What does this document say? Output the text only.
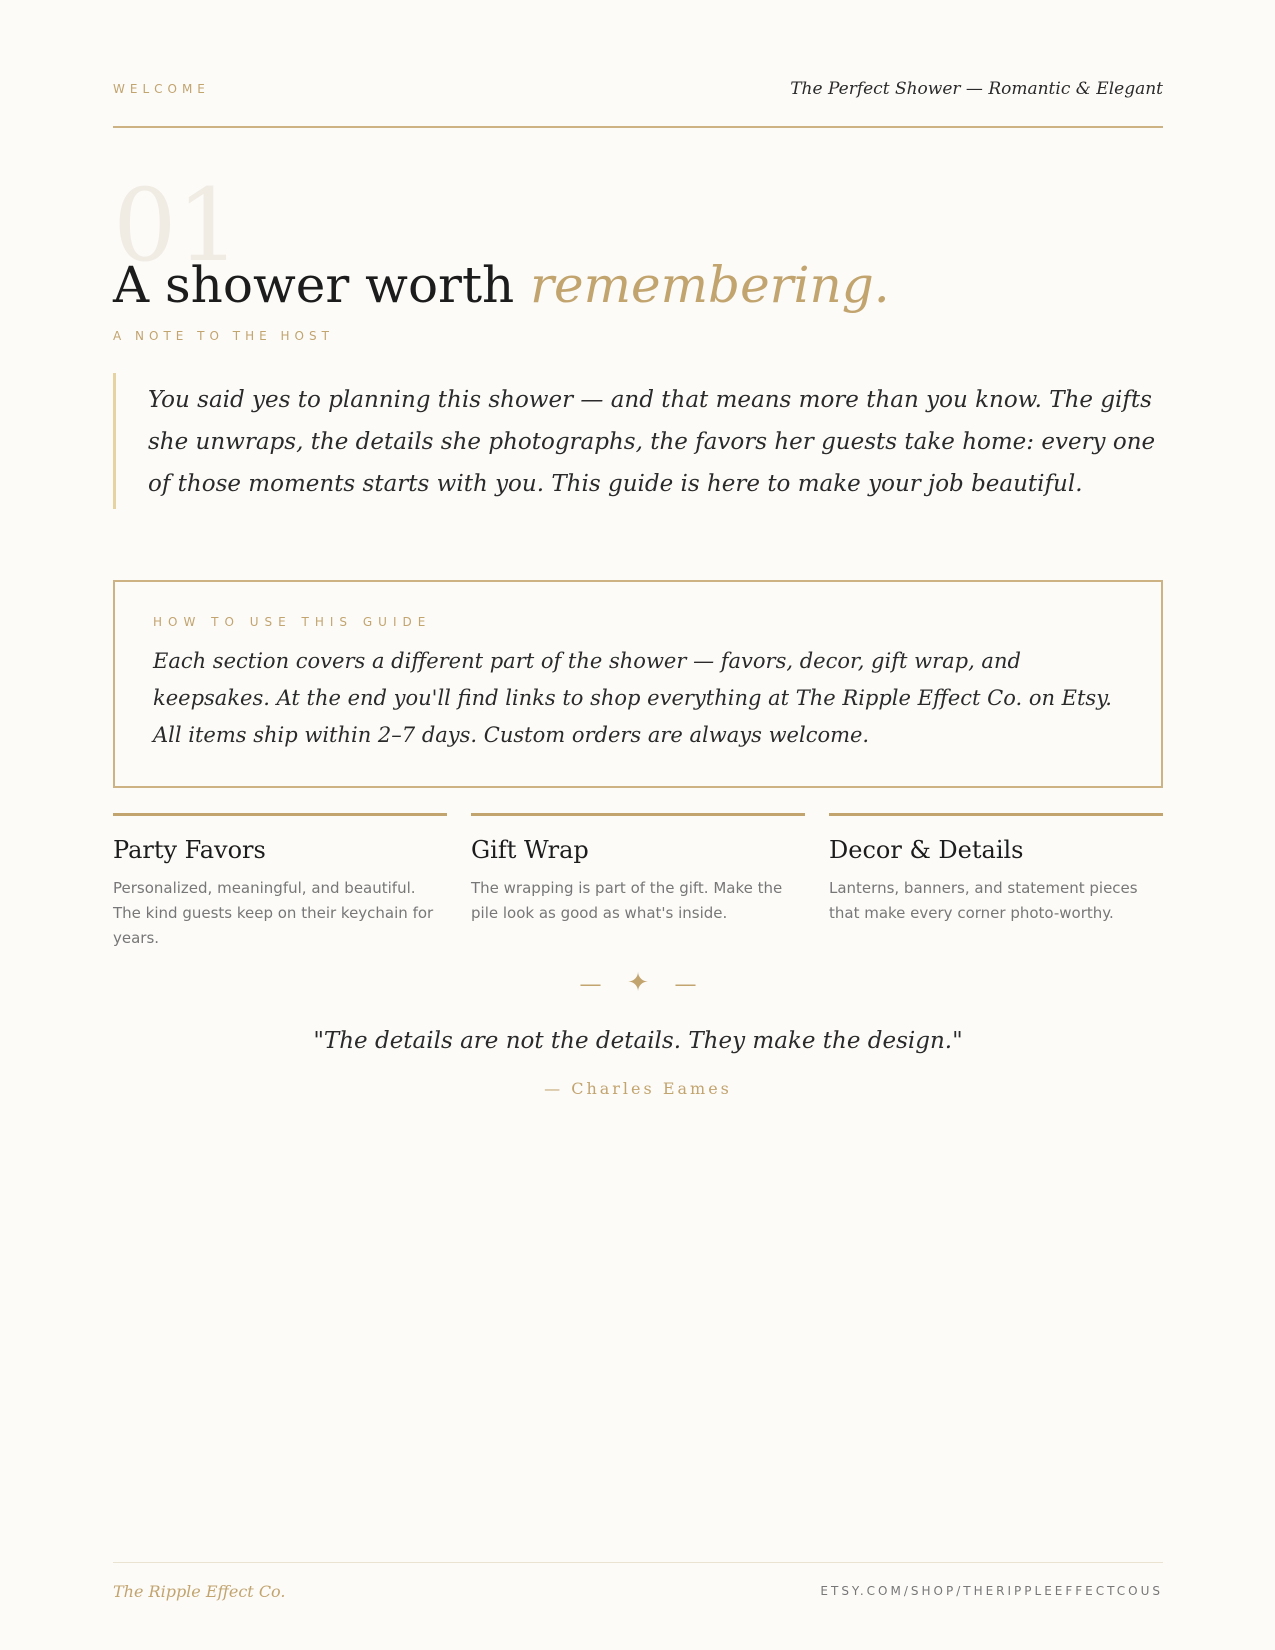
WELCOME	The Perfect Shower — Romantic & Elegant
01
A shower worth remembering.
A NOTE TO THE HOST

You said yes to planning this shower — and that means more than you know. The gifts she unwraps, the details she photographs, the favors her guests take home: every one of those moments starts with you. This guide is here to make your job beautiful.

HOW TO USE THIS GUIDE

Each section covers a different part of the shower — favors, decor, gift wrap, and keepsakes. At the end you'll find links to shop everything at The Ripple Effect Co. on Etsy. All items ship within 2–7 days. Custom orders are always welcome.

Party Favors

Personalized, meaningful, and beautiful. The kind guests keep on their keychain for years.

Gift Wrap

The wrapping is part of the gift. Make the pile look as good as what's inside.

Decor & Details

Lanterns, banners, and statement pieces that make every corner photo-worthy.

— ✦ —
"The details are not the details. They make the design."
— Charles Eames
The Ripple Effect Co.	ETSY.COM/SHOP/THERIPPLEEFFECTCOUS
